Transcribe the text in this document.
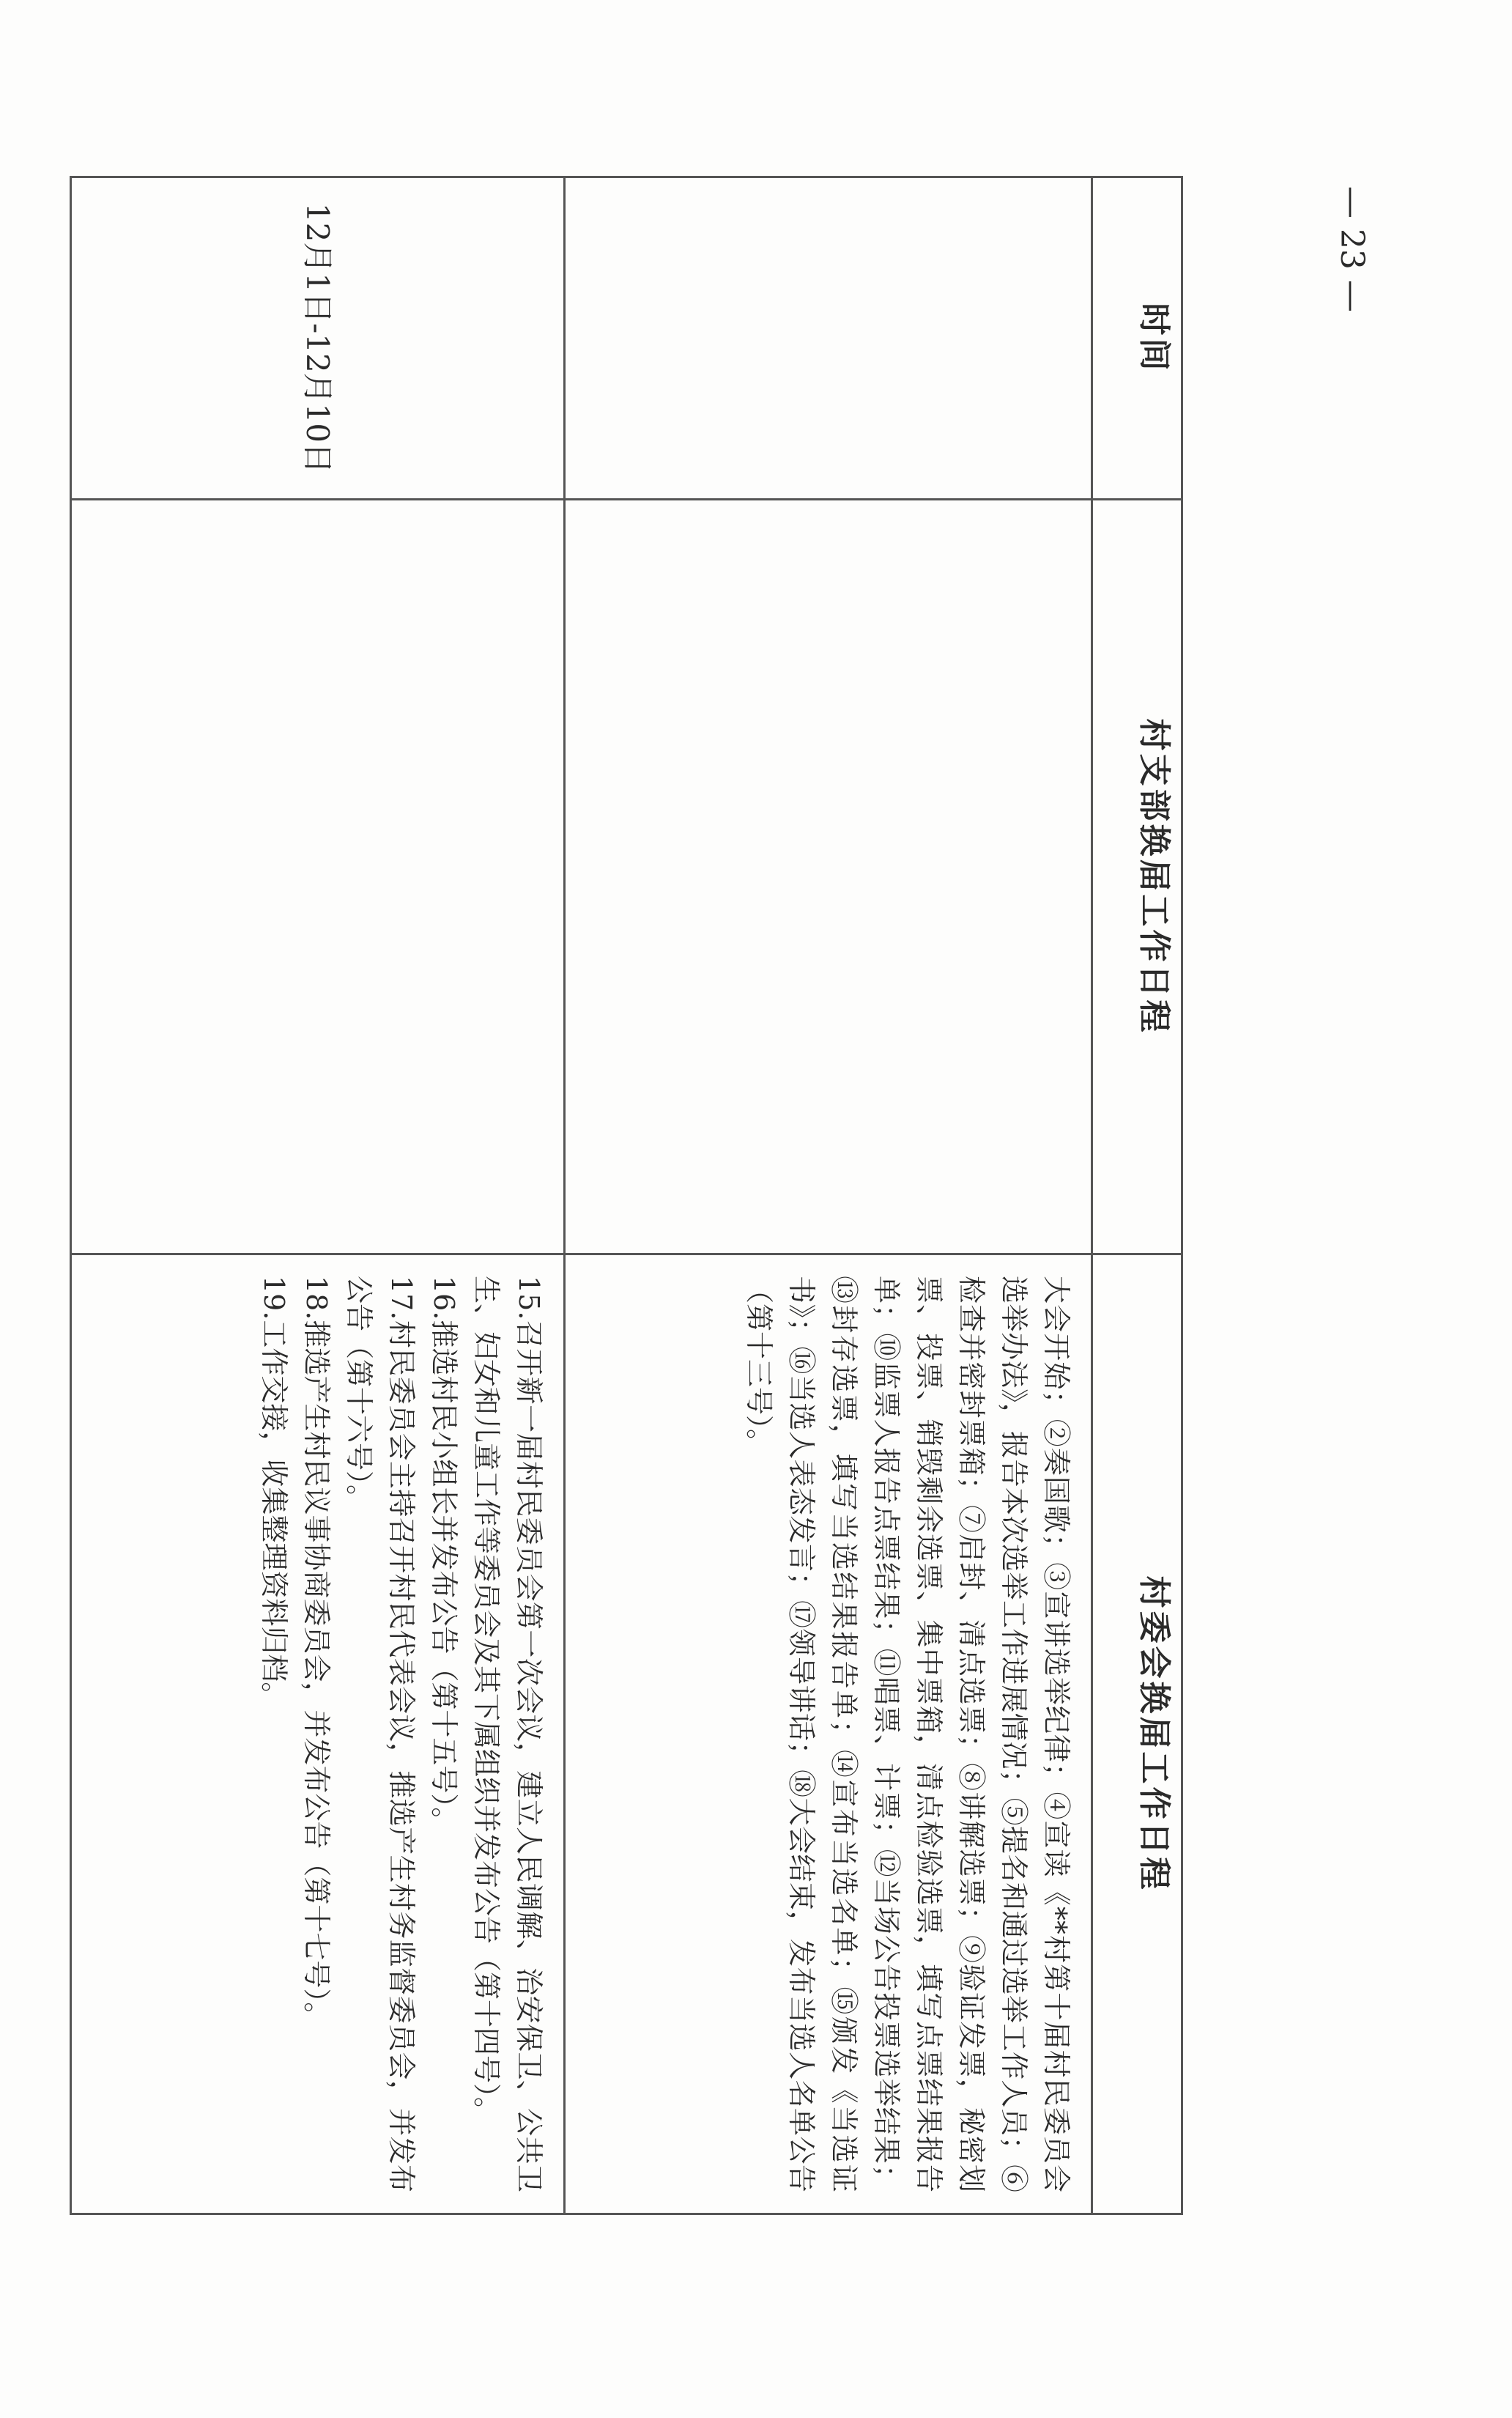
— 23 —
时间	村支部换届工作日程	村委会换届工作日程

		大会开始；②奏国歌；③宣讲选举纪律；④宣读《**村第十届村民委员会选举办法》，报告本次选举工作进展情况；⑤提名和通过选举工作人员；⑥检查并密封票箱；⑦启封、清点选票；⑧讲解选票；⑨验证发票，秘密划票、投票、销毁剩余选票、集中票箱，清点检验选票，填写点票结果报告单；⑩监票人报告点票结果；⑪唱票、计票；⑫当场公告投票选举结果；⑬封存选票，填写当选结果报告单；⑭宣布当选名单；⑮颁发《当选证书》；⑯当选人表态发言；⑰领导讲话；⑱大会结束，发布当选人名单公告（第十三号）。

12月1日-12月10日		15.召开新一届村民委员会第一次会议，建立人民调解、治安保卫、公共卫生、妇女和儿童工作等委员会及其下属组织并发布公告（第十四号）。

16.推选村民小组长并发布公告（第十五号）。

17.村民委员会主持召开村民代表会议，推选产生村务监督委员会，并发布公告（第十六号）。

18.推选产生村民议事协商委员会，并发布公告（第十七号）。

19.工作交接，收集整理资料归档。
